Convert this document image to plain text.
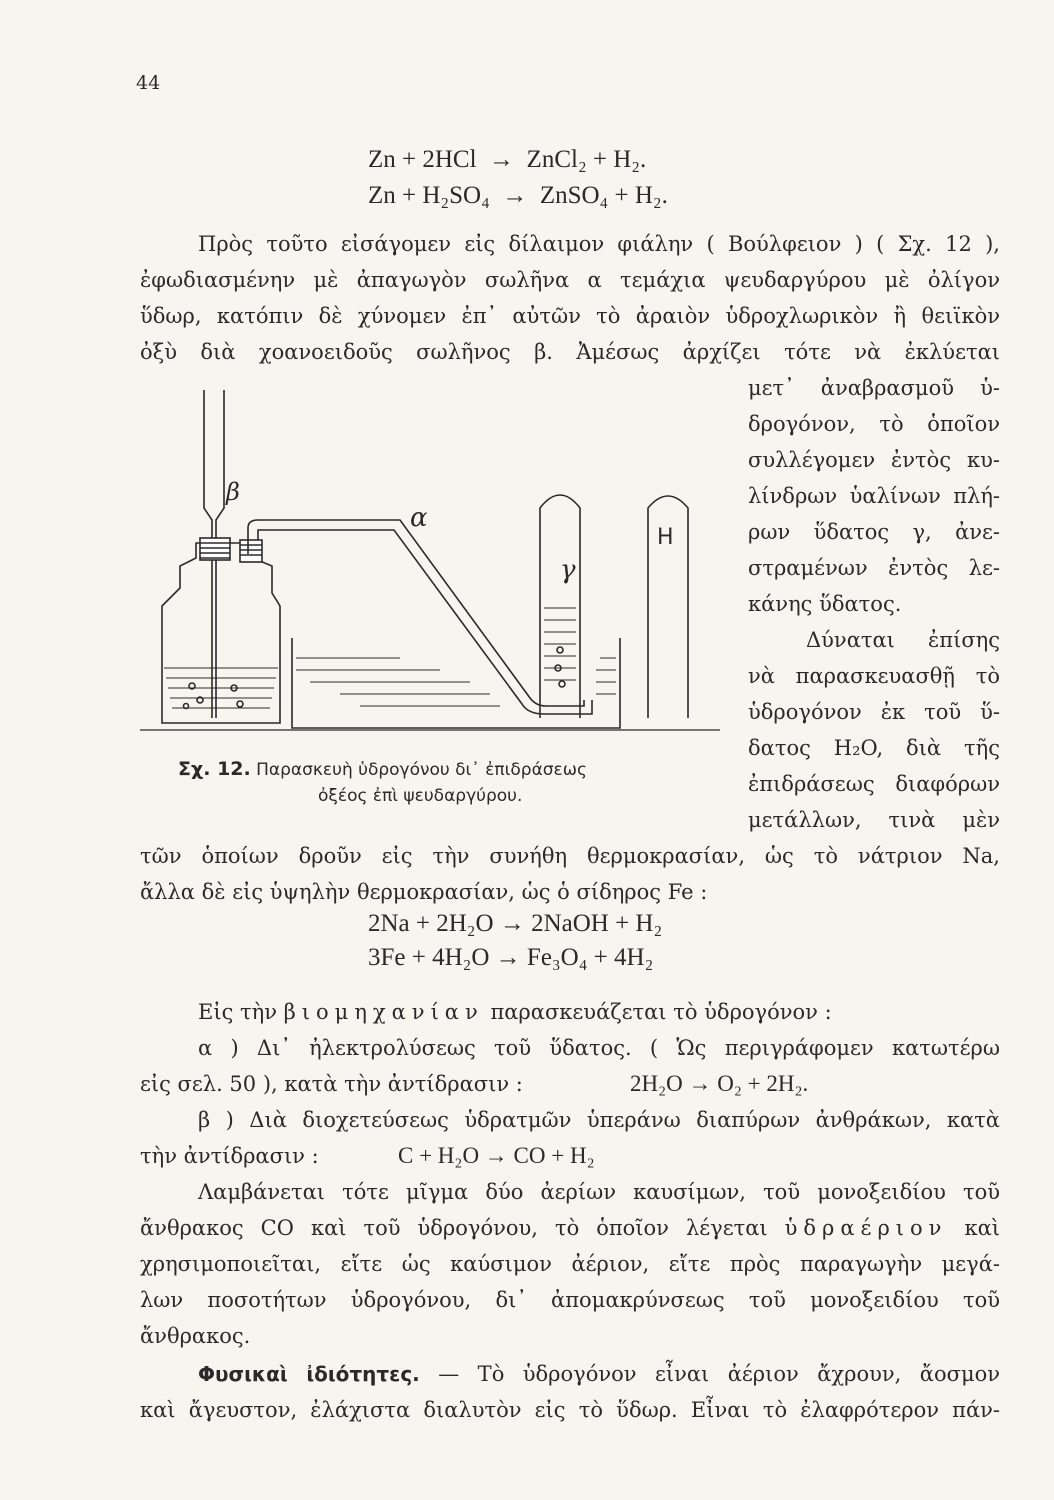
44
Zn + 2HCl → ZnCl₂ + H₂.
Zn + H₂SO₄ → ZnSO₄ + H₂.
Πρὸς τοῦτο εἰσάγομεν εἰς δίλαιμον φιάλην ( Βούλφειον ) ( Σχ. 12 ),
ἐφωδιασμένην μὲ ἀπαγωγὸν σωλῆνα α τεμάχια ψευδαργύρου μὲ ὀλίγον
ὕδωρ, κατόπιν δὲ χύνομεν ἐπ᾿ αὐτῶν τὸ ἀραιὸν ὑδροχλωρικὸν ἢ θειϊκὸν
ὀξὺ διὰ χοανοειδοῦς σωλῆνος β. Ἀμέσως ἀρχίζει τότε νὰ ἐκλύεται
μετ᾿ ἀναβρασμοῦ ὑ-
δρογόνον, τὸ ὁποῖον
συλλέγομεν ἐντὸς κυ-
λίνδρων ὑαλίνων πλή-
ρων ὕδατος γ, ἀνε-
στραμένων ἐντὸς λε-
κάνης ὕδατος.
Δύναται ἐπίσης
νὰ παρασκευασθῇ τὸ
ὑδρογόνον ἐκ τοῦ ὕ-
δατος H₂O, διὰ τῆς
ἐπιδράσεως διαφόρων
μετάλλων, τινὰ μὲν
β
α
γ
H
Σχ. 12. Παρασκευὴ ὑδρογόνου δι᾿ ἐπιδράσεως
ὀξέος ἐπὶ ψευδαργύρου.
τῶν ὁποίων δροῦν εἰς τὴν συνήθη θερμοκρασίαν, ὡς τὸ νάτριον Na,
ἄλλα δὲ εἰς ὑψηλὴν θερμοκρασίαν, ὡς ὁ σίδηρος Fe :
2Na + 2H₂O → 2NaOH + H₂
3Fe + 4H₂O → Fe₃O₄ + 4H₂
Εἰς τὴν βιομηχανίαν παρασκευάζεται τὸ ὑδρογόνον :
α ) Δι᾿ ἠλεκτρολύσεως τοῦ ὕδατος. ( Ὡς περιγράφομεν κατωτέρω
εἰς σελ. 50 ), κατὰ τὴν ἀντίδρασιν :	2H₂O → O₂ + 2H₂.
β ) Διὰ διοχετεύσεως ὑδρατμῶν ὑπεράνω διαπύρων ἀνθράκων, κατὰ
τὴν ἀντίδρασιν :	C + H₂O → CO + H₂
Λαμβάνεται τότε μῖγμα δύο ἀερίων καυσίμων, τοῦ μονοξειδίου τοῦ
ἄνθρακος CO καὶ τοῦ ὑδρογόνου, τὸ ὁποῖον λέγεται ὑδραέριον καὶ
χρησιμοποιεῖται, εἴτε ὡς καύσιμον ἀέριον, εἴτε πρὸς παραγωγὴν μεγά-
λων ποσοτήτων ὑδρογόνου, δι᾿ ἀπομακρύνσεως τοῦ μονοξειδίου τοῦ
ἄνθρακος.
Φυσικαὶ ἰδιότητες. — Τὸ ὑδρογόνον εἶναι ἀέριον ἄχρουν, ἄοσμον
καὶ ἄγευστον, ἐλάχιστα διαλυτὸν εἰς τὸ ὕδωρ. Εἶναι τὸ ἐλαφρότερον πάν-
